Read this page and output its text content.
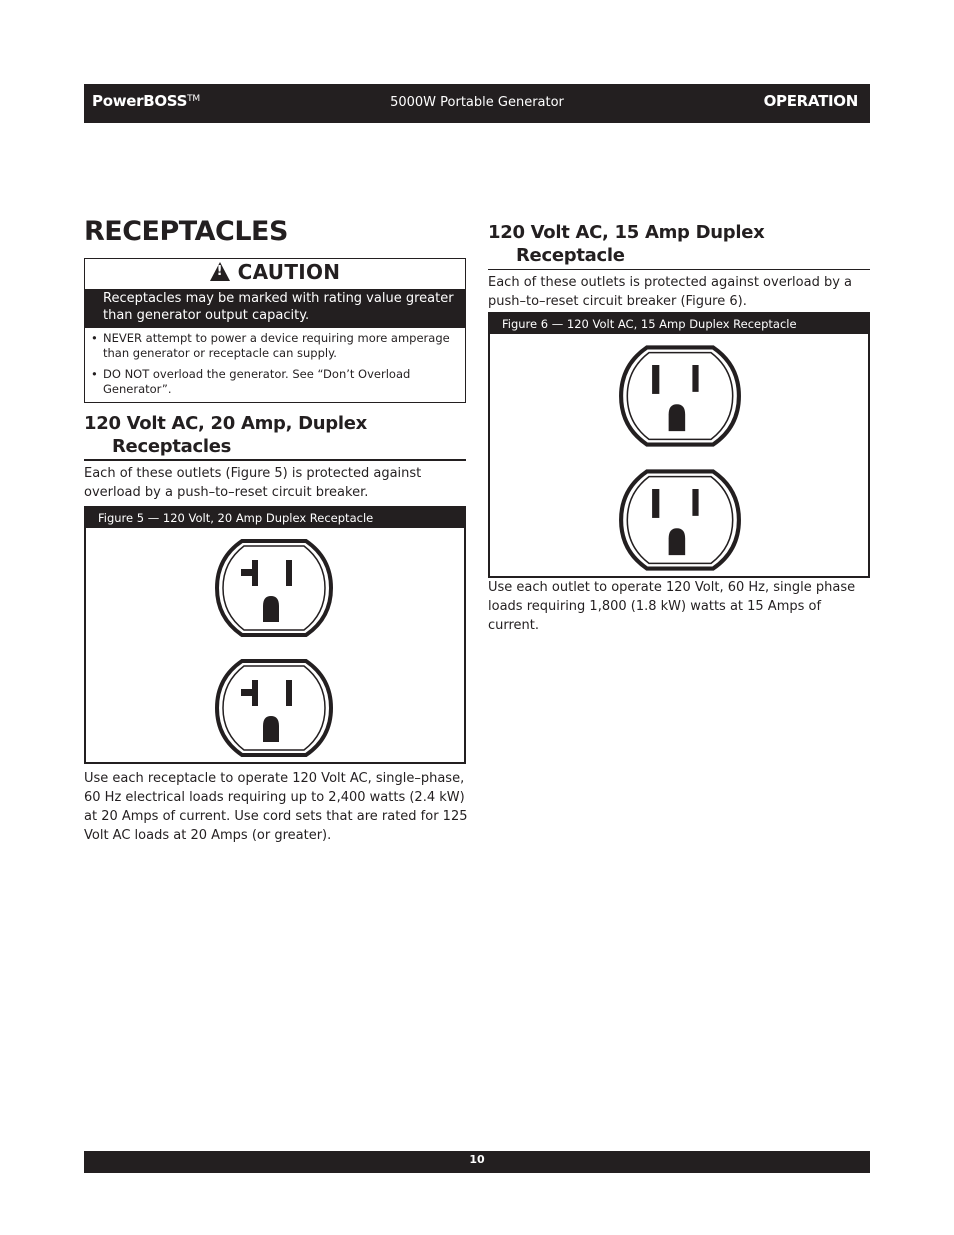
PowerBOSS™	5000W Portable Generator	OPERATION
RECEPTACLES
!CAUTION
Receptacles may be marked with rating value greater than generator output capacity.
• NEVER attempt to power a device requiring more amperage than generator or receptacle can supply.
• DO NOT overload the generator. See “Don’t Overload Generator”.
120 Volt AC, 20 Amp, Duplex
Receptacles
Each of these outlets (Figure 5) is protected against overload by a push–to–reset circuit breaker.
Figure 5 — 120 Volt, 20 Amp Duplex Receptacle
Use each receptacle to operate 120 Volt AC, single–phase, 60 Hz electrical loads requiring up to 2,400 watts (2.4 kW) at 20 Amps of current. Use cord sets that are rated for 125 Volt AC loads at 20 Amps (or greater).
120 Volt AC, 15 Amp Duplex
Receptacle
Each of these outlets is protected against overload by a push–to–reset circuit breaker (Figure 6).
Figure 6 — 120 Volt AC, 15 Amp Duplex Receptacle
Use each outlet to operate 120 Volt, 60 Hz, single phase loads requiring 1,800 (1.8 kW) watts at 15 Amps of current.
10
